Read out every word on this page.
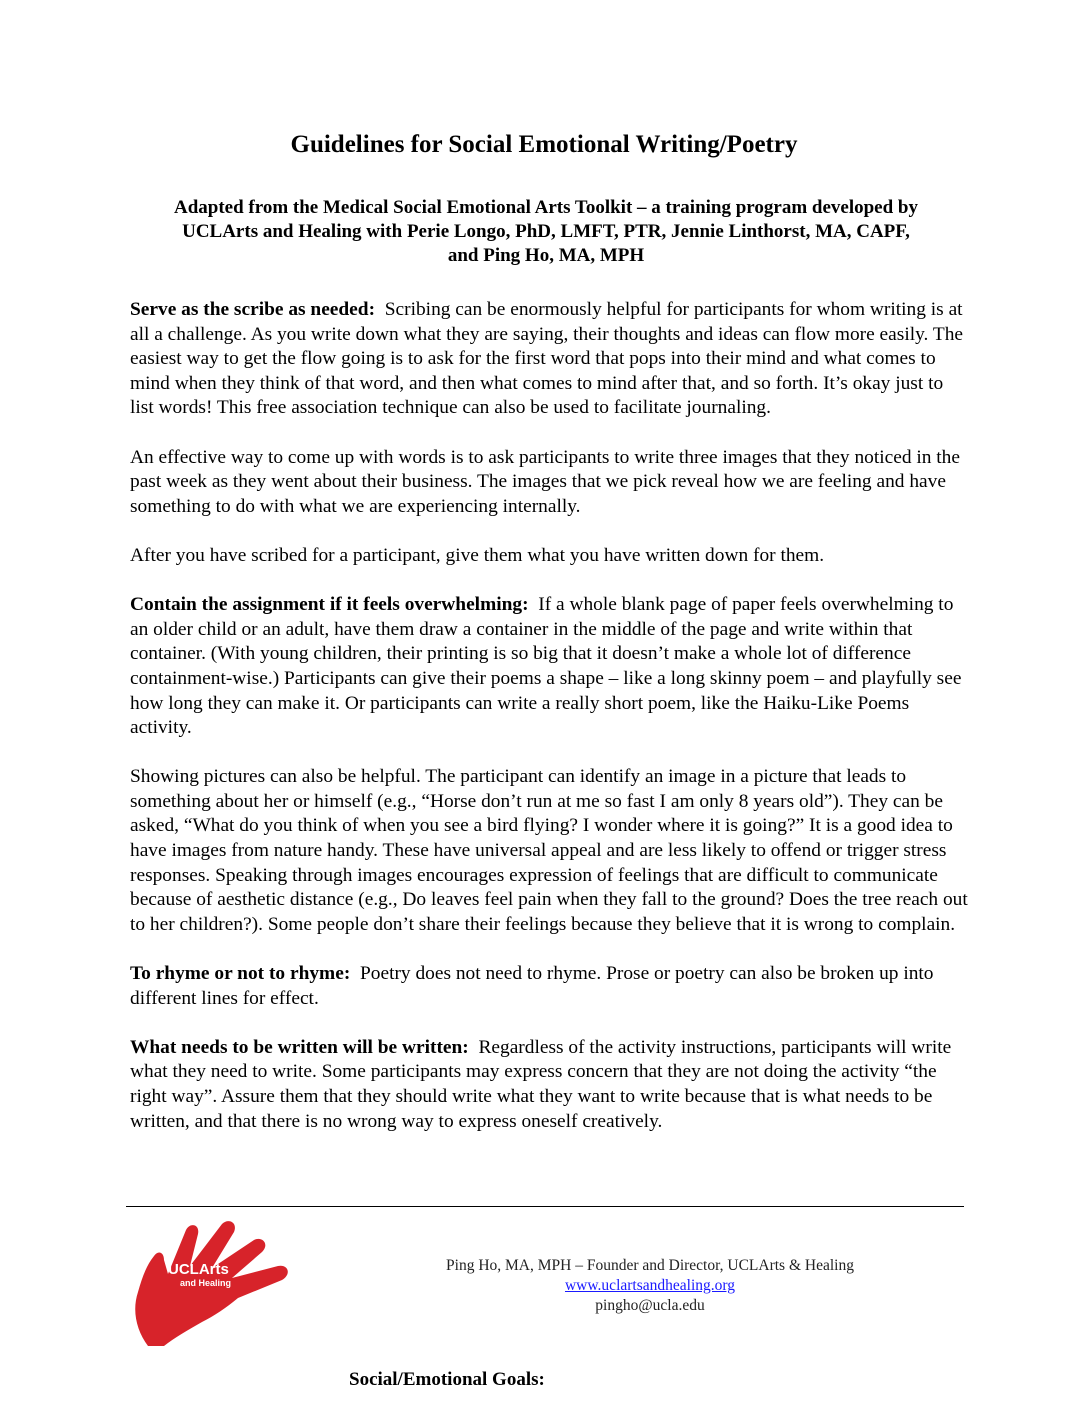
Guidelines for Social Emotional Writing/Poetry
Adapted from the Medical Social Emotional Arts Toolkit – a training program developed by
UCLArts and Healing with Perie Longo, PhD, LMFT, PTR, Jennie Linthorst, MA, CAPF,
and Ping Ho, MA, MPH

Serve as the scribe as needed: Scribing can be enormously helpful for participants for whom writing is at all a challenge. As you write down what they are saying, their thoughts and ideas can flow more easily. The easiest way to get the flow going is to ask for the first word that pops into their mind and what comes to mind when they think of that word, and then what comes to mind after that, and so forth. It’s okay just to list words! This free association technique can also be used to facilitate journaling.

An effective way to come up with words is to ask participants to write three images that they noticed in the past week as they went about their business. The images that we pick reveal how we are feeling and have something to do with what we are experiencing internally.

After you have scribed for a participant, give them what you have written down for them.

Contain the assignment if it feels overwhelming: If a whole blank page of paper feels overwhelming to an older child or an adult, have them draw a container in the middle of the page and write within that container. (With young children, their printing is so big that it doesn’t make a whole lot of difference containment-wise.) Participants can give their poems a shape – like a long skinny poem – and playfully see how long they can make it. Or participants can write a really short poem, like the Haiku-Like Poems activity.

Showing pictures can also be helpful. The participant can identify an image in a picture that leads to something about her or himself (e.g., “Horse don’t run at me so fast I am only 8 years old”). They can be asked, “What do you think of when you see a bird flying? I wonder where it is going?” It is a good idea to have images from nature handy. These have universal appeal and are less likely to offend or trigger stress responses. Speaking through images encourages expression of feelings that are difficult to communicate because of aesthetic distance (e.g., Do leaves feel pain when they fall to the ground? Does the tree reach out to her children?). Some people don’t share their feelings because they believe that it is wrong to complain.

To rhyme or not to rhyme: Poetry does not need to rhyme. Prose or poetry can also be broken up into different lines for effect.

What needs to be written will be written: Regardless of the activity instructions, participants will write what they need to write. Some participants may express concern that they are not doing the activity “the right way”. Assure them that they should write what they want to write because that is what needs to be written, and that there is no wrong way to express oneself creatively.

UCLArts
and Healing
Ping Ho, MA, MPH – Founder and Director, UCLArts & Healing
www.uclartsandhealing.org
pingho@ucla.edu
Social/Emotional Goals:
